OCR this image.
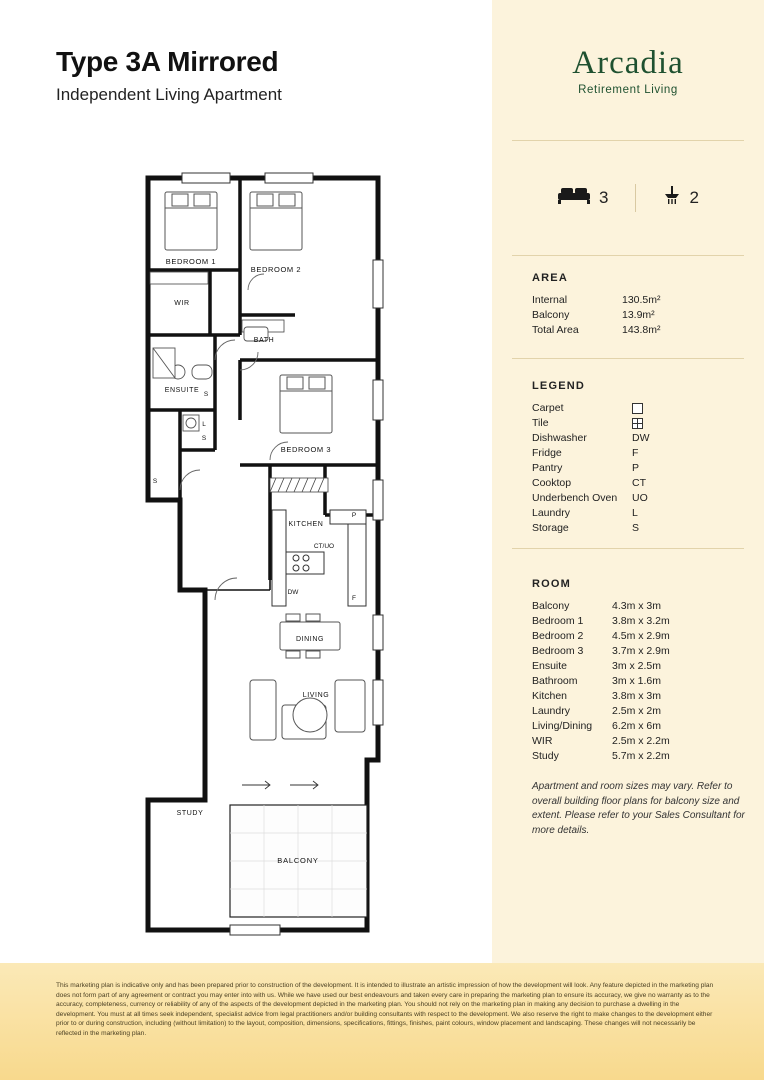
Type 3A Mirrored
Independent Living Apartment
BEDROOM 1
BEDROOM 2
BEDROOM 3
WIR
BATH
ENSUITE
KITCHEN
DINING
LIVING
STUDY
BALCONY
DW
CT/UO
P
F
L
S
S
S
Arcadia
Retirement Living
3	2
AREA
Internal	130.5m²
Balcony	13.9m²
Total Area	143.8m²
LEGEND
Carpet
Tile
Dishwasher	DW
Fridge	F
Pantry	P
Cooktop	CT
Underbench Oven	UO
Laundry	L
Storage	S
ROOM
Balcony	4.3m x 3m
Bedroom 1	3.8m x 3.2m
Bedroom 2	4.5m x 2.9m
Bedroom 3	3.7m x 2.9m
Ensuite	3m x 2.5m
Bathroom	3m x 1.6m
Kitchen	3.8m x 3m
Laundry	2.5m x 2m
Living/Dining	6.2m x 6m
WIR	2.5m x 2.2m
Study	5.7m x 2.2m
Apartment and room sizes may vary. Refer to overall building floor plans for balcony size and extent. Please refer to your Sales Consultant for more details.
This marketing plan is indicative only and has been prepared prior to construction of the development. It is intended to illustrate an artistic impression of how the development will look. Any feature depicted in the marketing plan does not form part of any agreement or contract you may enter into with us. While we have used our best endeavours and taken every care in preparing the marketing plan to ensure its accuracy, we give no warranty as to the accuracy, completeness, currency or reliability of any of the aspects of the development depicted in the marketing plan. You should not rely on the marketing plan in making any decision to purchase a dwelling in the development. You must at all times seek independent, specialist advice from legal practitioners and/or building consultants with respect to the development. We also reserve the right to make changes to the development either prior to or during construction, including (without limitation) to the layout, composition, dimensions, specifications, fittings, finishes, paint colours, window placement and landscaping. These changes will not necessarily be reflected in the marketing plan.
